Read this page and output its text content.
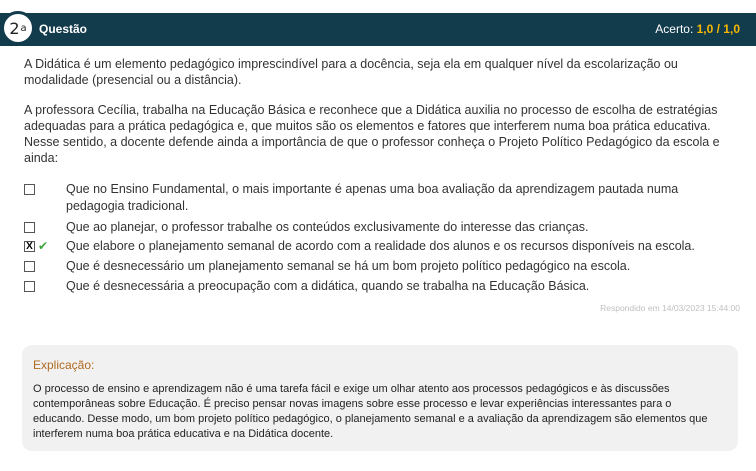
2 a Questão	Acerto: 1,0 / 1,0
A Didática é um elemento pedagógico imprescindível para a docência, seja ela em qualquer nível da escolarização ou modalidade (presencial ou a distância).
A professora Cecília, trabalha na Educação Básica e reconhece que a Didática auxilia no processo de escolha de estratégias adequadas para a prática pedagógica e, que muitos são os elementos e fatores que interferem numa boa prática educativa. Nesse sentido, a docente defende ainda a importância de que o professor conheça o Projeto Político Pedagógico da escola e ainda:
Que no Ensino Fundamental, o mais importante é apenas uma boa avaliação da aprendizagem pautada numa pedagogia tradicional.
Que ao planejar, o professor trabalhe os conteúdos exclusivamente do interesse das crianças.
X ✔ Que elabore o planejamento semanal de acordo com a realidade dos alunos e os recursos disponíveis na escola.
Que é desnecessário um planejamento semanal se há um bom projeto político pedagógico na escola.
Que é desnecessária a preocupação com a didática, quando se trabalha na Educação Básica.
Respondido em 14/03/2023 15:44:00
Explicação:
O processo de ensino e aprendizagem não é uma tarefa fácil e exige um olhar atento aos processos pedagógicos e às discussões contemporâneas sobre Educação. É preciso pensar novas imagens sobre esse processo e levar experiências interessantes para o educando. Desse modo, um bom projeto político pedagógico, o planejamento semanal e a avaliação da aprendizagem são elementos que interferem numa boa prática educativa e na Didática docente.
